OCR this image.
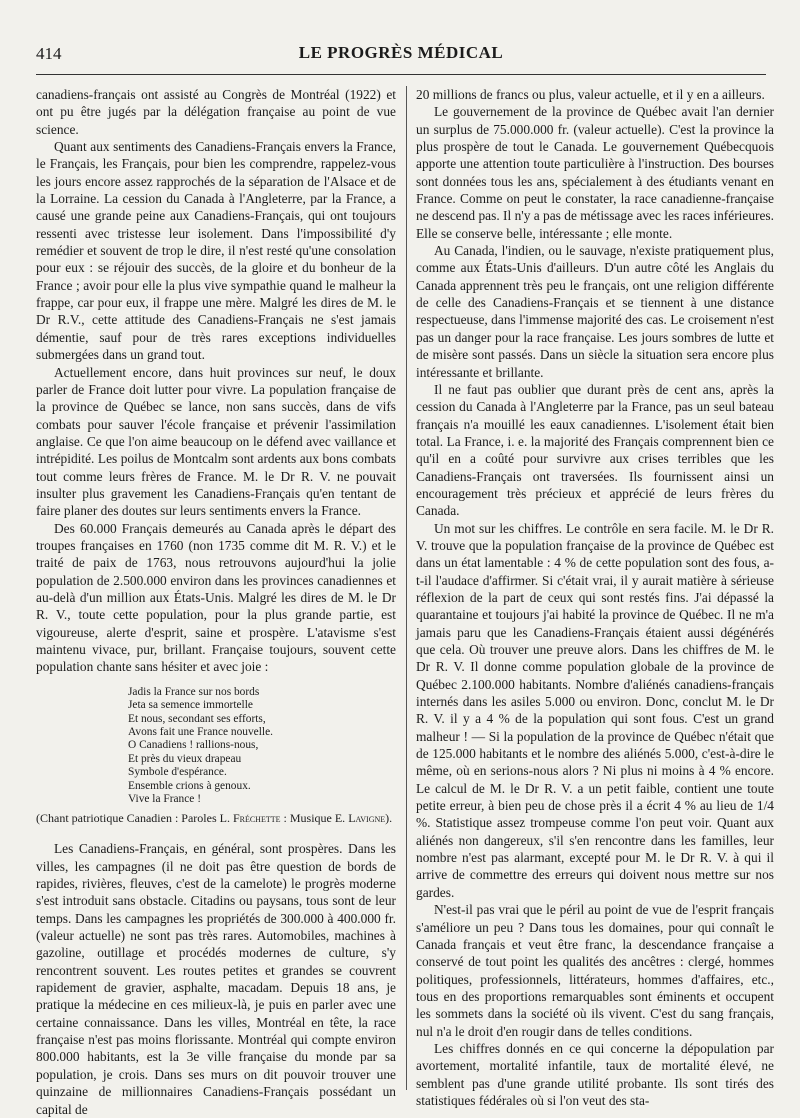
414	LE PROGRÈS MÉDICAL

canadiens-français ont assisté au Congrès de Montréal (1922) et ont pu être jugés par la délégation française au point de vue science.

Quant aux sentiments des Canadiens-Français envers la France, le Français, les Français, pour bien les comprendre, rappelez-vous les jours encore assez rapprochés de la séparation de l'Alsace et de la Lorraine. La cession du Canada à l'Angleterre, par la France, a causé une grande peine aux Canadiens-Français, qui ont toujours ressenti avec tristesse leur isolement. Dans l'impossibilité d'y remédier et souvent de trop le dire, il n'est resté qu'une consolation pour eux : se réjouir des succès, de la gloire et du bonheur de la France ; avoir pour elle la plus vive sympathie quand le malheur la frappe, car pour eux, il frappe une mère. Malgré les dires de M. le Dr R.V., cette attitude des Canadiens-Français ne s'est jamais démentie, sauf pour de très rares exceptions individuelles submergées dans un grand tout.

Actuellement encore, dans huit provinces sur neuf, le doux parler de France doit lutter pour vivre. La population française de la province de Québec se lance, non sans succès, dans de vifs combats pour sauver l'école française et prévenir l'assimilation anglaise. Ce que l'on aime beaucoup on le défend avec vaillance et intrépidité. Les poilus de Montcalm sont ardents aux bons combats tout comme leurs frères de France. M. le Dr R. V. ne pouvait insulter plus gravement les Canadiens-Français qu'en tentant de faire planer des doutes sur leurs sentiments envers la France.

Des 60.000 Français demeurés au Canada après le départ des troupes françaises en 1760 (non 1735 comme dit M. R. V.) et le traité de paix de 1763, nous retrouvons aujourd'hui la jolie population de 2.500.000 environ dans les provinces canadiennes et au-delà d'un million aux États-Unis. Malgré les dires de M. le Dr R. V., toute cette population, pour la plus grande partie, est vigoureuse, alerte d'esprit, saine et prospère. L'atavisme s'est maintenu vivace, pur, brillant. Française toujours, souvent cette population chante sans hésiter et avec joie :

Jadis la France sur nos bords
Jeta sa semence immortelle
Et nous, secondant ses efforts,
Avons fait une France nouvelle.
O Canadiens ! rallions-nous,
Et près du vieux drapeau
Symbole d'espérance.
Ensemble crions à genoux.
Vive la France !

(Chant patriotique Canadien : Paroles L. Fréchette : Musique E. Lavigne).

Les Canadiens-Français, en général, sont prospères. Dans les villes, les campagnes (il ne doit pas être question de bords de rapides, rivières, fleuves, c'est de la camelote) le progrès moderne s'est introduit sans obstacle. Citadins ou paysans, tous sont de leur temps. Dans les campagnes les propriétés de 300.000 à 400.000 fr. (valeur actuelle) ne sont pas très rares. Automobiles, machines à gazoline, outillage et procédés modernes de culture, s'y rencontrent souvent. Les routes petites et grandes se couvrent rapidement de gravier, asphalte, macadam. Depuis 18 ans, je pratique la médecine en ces milieux-là, je puis en parler avec une certaine connaissance. Dans les villes, Montréal en tête, la race française n'est pas moins florissante. Montréal qui compte environ 800.000 habitants, est la 3e ville française du monde par sa population, je crois. Dans ses murs on dit pouvoir trouver une quinzaine de millionnaires Canadiens-Français possédant un capital de

20 millions de francs ou plus, valeur actuelle, et il y en a ailleurs.

Le gouvernement de la province de Québec avait l'an dernier un surplus de 75.000.000 fr. (valeur actuelle). C'est la province la plus prospère de tout le Canada. Le gouvernement Québecquois apporte une attention toute particulière à l'instruction. Des bourses sont données tous les ans, spécialement à des étudiants venant en France. Comme on peut le constater, la race canadienne-française ne descend pas. Il n'y a pas de métissage avec les races inférieures. Elle se conserve belle, intéressante ; elle monte.

Au Canada, l'indien, ou le sauvage, n'existe pratiquement plus, comme aux États-Unis d'ailleurs. D'un autre côté les Anglais du Canada apprennent très peu le français, ont une religion différente de celle des Canadiens-Français et se tiennent à une distance respectueuse, dans l'immense majorité des cas. Le croisement n'est pas un danger pour la race française. Les jours sombres de lutte et de misère sont passés. Dans un siècle la situation sera encore plus intéressante et brillante.

Il ne faut pas oublier que durant près de cent ans, après la cession du Canada à l'Angleterre par la France, pas un seul bateau français n'a mouillé les eaux canadiennes. L'isolement était bien total. La France, i. e. la majorité des Français comprennent bien ce qu'il en a coûté pour survivre aux crises terribles que les Canadiens-Français ont traversées. Ils fournissent ainsi un encouragement très précieux et apprécié de leurs frères du Canada.

Un mot sur les chiffres. Le contrôle en sera facile. M. le Dr R. V. trouve que la population française de la province de Québec est dans un état lamentable : 4 % de cette population sont des fous, a-t-il l'audace d'affirmer. Si c'était vrai, il y aurait matière à sérieuse réflexion de la part de ceux qui sont restés fins. J'ai dépassé la quarantaine et toujours j'ai habité la province de Québec. Il ne m'a jamais paru que les Canadiens-Français étaient aussi dégénérés que cela. Où trouver une preuve alors. Dans les chiffres de M. le Dr R. V. Il donne comme population globale de la province de Québec 2.100.000 habitants. Nombre d'aliénés canadiens-français internés dans les asiles 5.000 ou environ. Donc, conclut M. le Dr R. V. il y a 4 % de la population qui sont fous. C'est un grand malheur ! — Si la population de la province de Québec n'était que de 125.000 habitants et le nombre des aliénés 5.000, c'est-à-dire le même, où en serions-nous alors ? Ni plus ni moins à 4 % encore. Le calcul de M. le Dr R. V. a un petit faible, contient une toute petite erreur, à bien peu de chose près il a écrit 4 % au lieu de 1/4 %. Statistique assez trompeuse comme l'on peut voir. Quant aux aliénés non dangereux, s'il s'en rencontre dans les familles, leur nombre n'est pas alarmant, excepté pour M. le Dr R. V. à qui il arrive de commettre des erreurs qui doivent nous mettre sur nos gardes.

N'est-il pas vrai que le péril au point de vue de l'esprit français s'améliore un peu ? Dans tous les domaines, pour qui connaît le Canada français et veut être franc, la descendance française a conservé de tout point les qualités des ancêtres : clergé, hommes politiques, professionnels, littérateurs, hommes d'affaires, etc., tous en des proportions remarquables sont éminents et occupent les sommets dans la société où ils vivent. C'est du sang français, nul n'a le droit d'en rougir dans de telles conditions.

Les chiffres donnés en ce qui concerne la dépopulation par avortement, mortalité infantile, taux de mortalité élevé, ne semblent pas d'une grande utilité probante. Ils sont tirés des statistiques fédérales où si l'on veut des sta-
